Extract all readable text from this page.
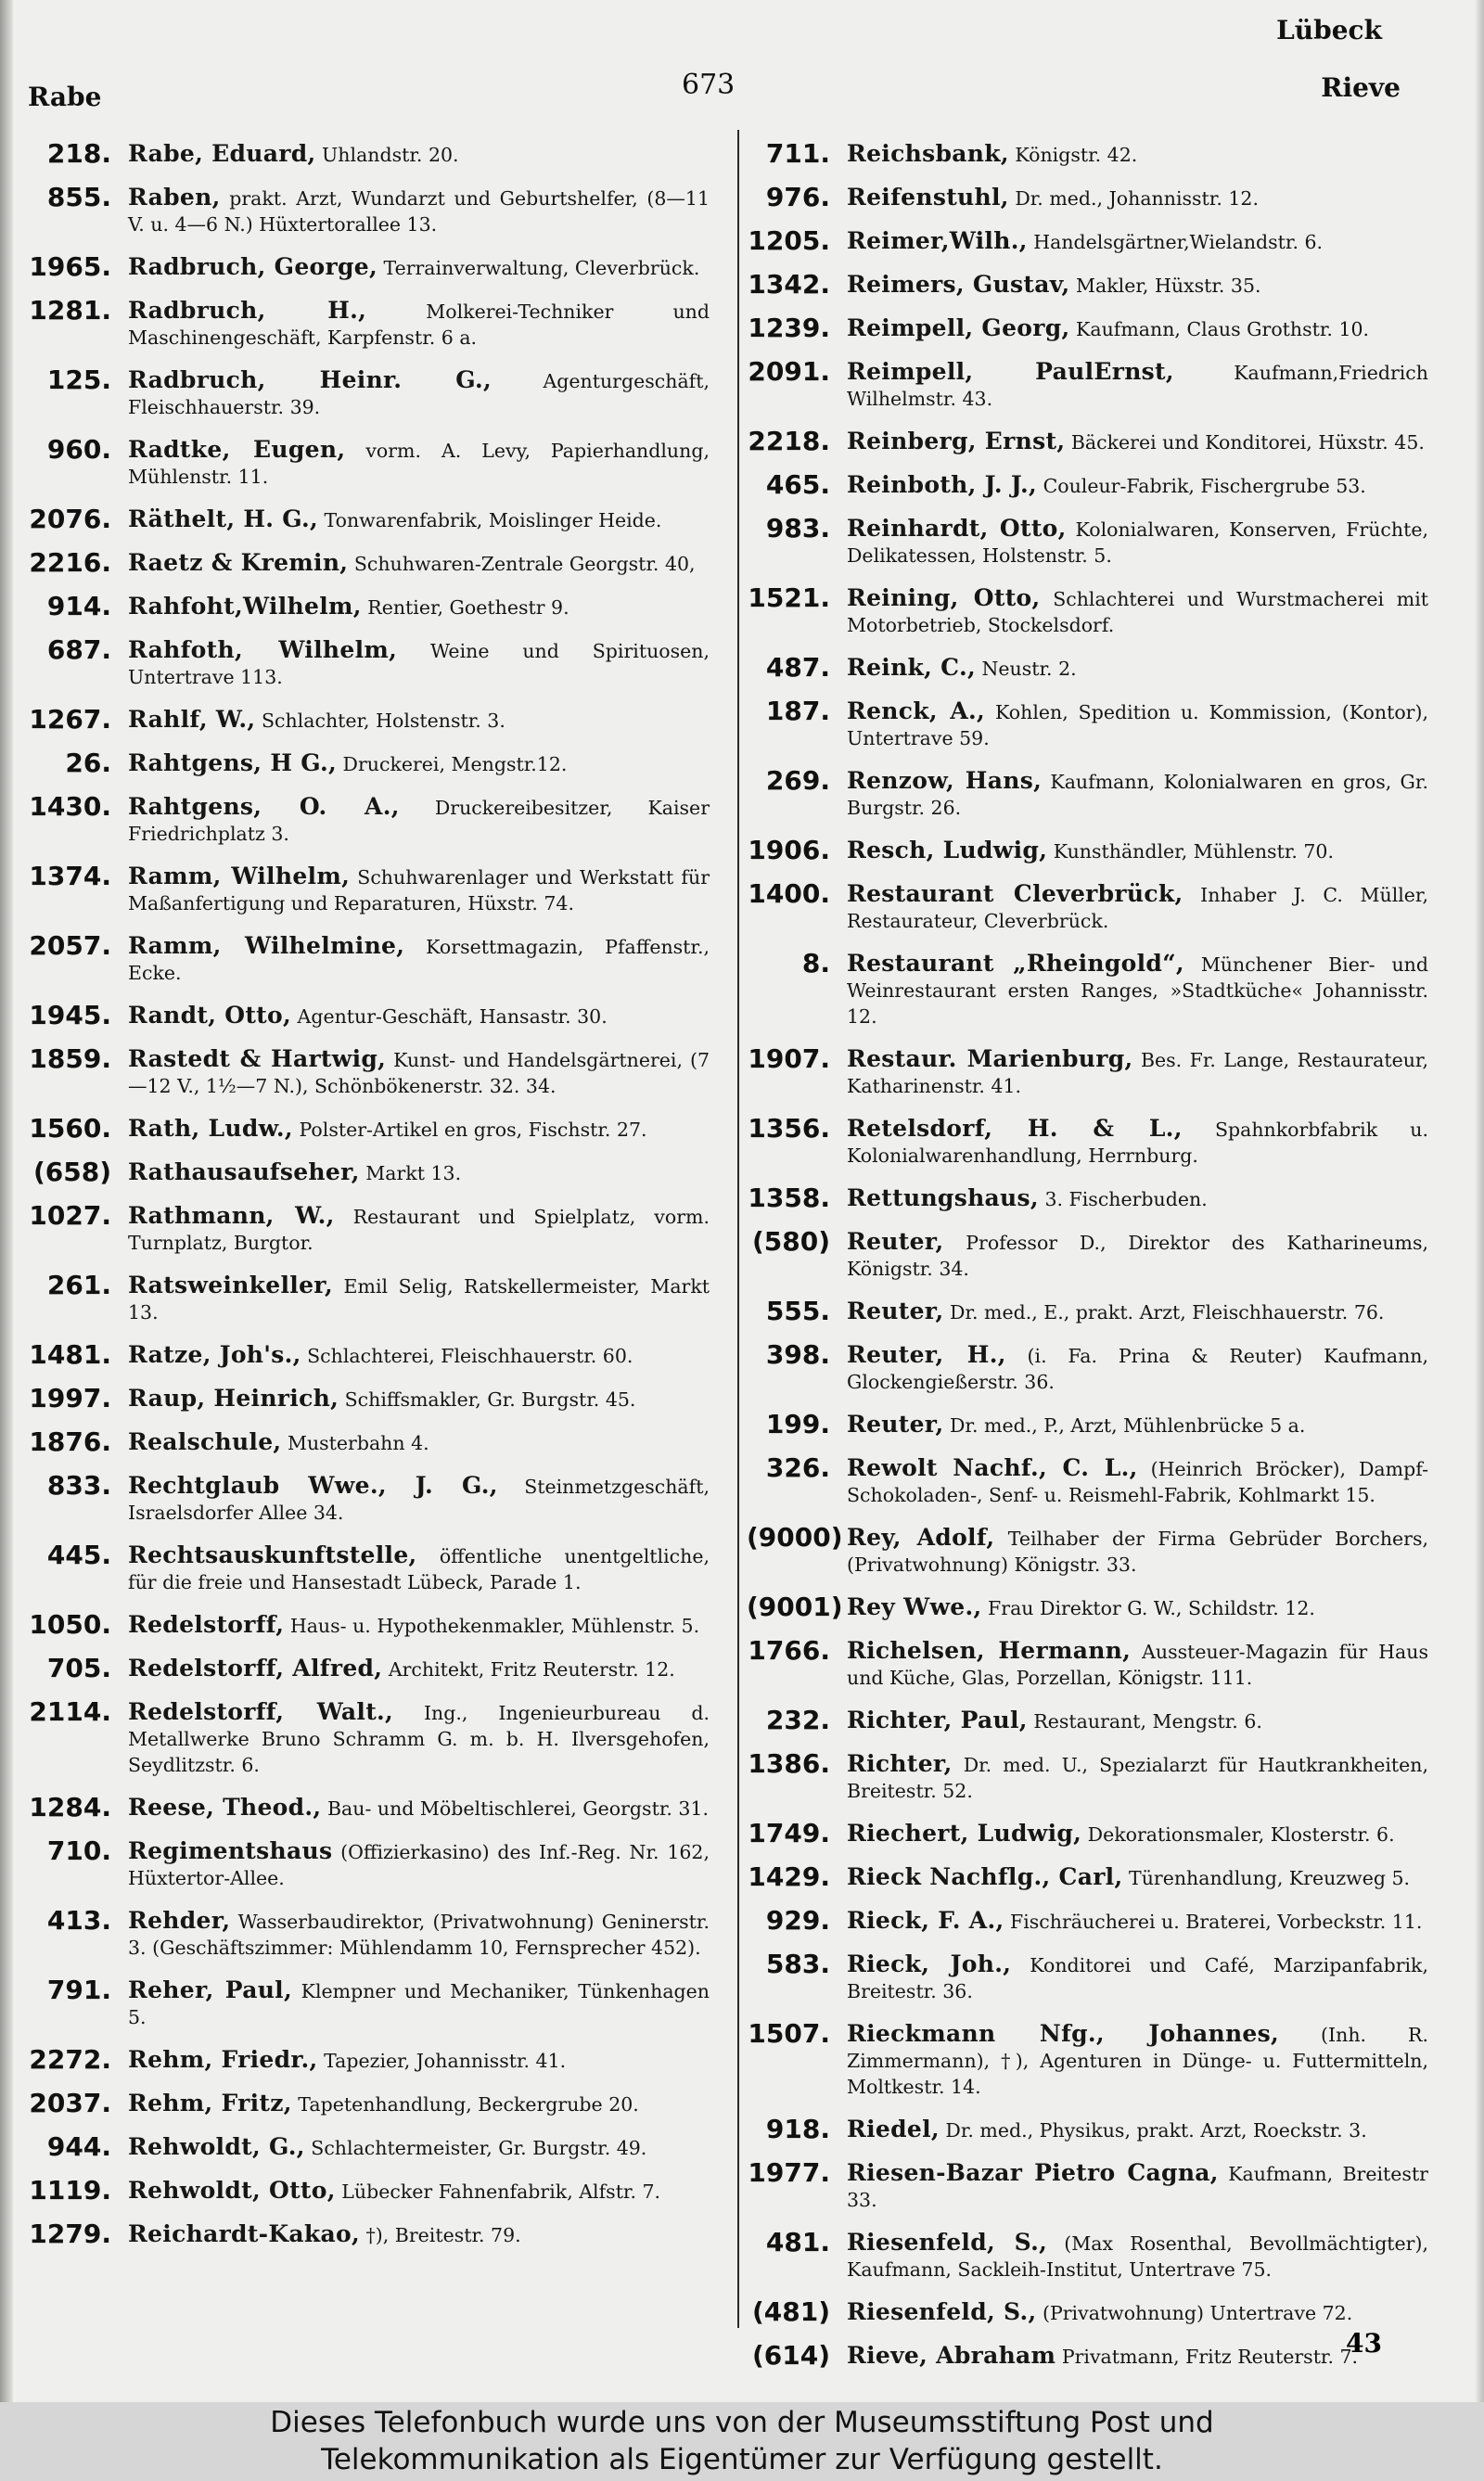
Rabe	673
Lübeck
Rieve
218. Rabe, Eduard, Uhlandstr. 20.
855. Raben, prakt. Arzt, Wundarzt und Geburtshelfer, (8—11 V. u. 4—6 N.) Hüxtertorallee 13.
1965. Radbruch, George, Terrainverwaltung, Cleverbrück.
1281. Radbruch, H., Molkerei-Techniker und Maschinengeschäft, Karpfenstr. 6 a.
125. Radbruch, Heinr. G., Agenturgeschäft, Fleischhauerstr. 39.
960. Radtke, Eugen, vorm. A. Levy, Papierhandlung, Mühlenstr. 11.
2076. Räthelt, H. G., Tonwarenfabrik, Moislinger Heide.
2216. Raetz & Kremin, Schuhwaren-Zentrale Georgstr. 40,
914. Rahfoht,Wilhelm, Rentier, Goethestr 9.
687. Rahfoth, Wilhelm, Weine und Spirituosen, Untertrave 113.
1267. Rahlf, W., Schlachter, Holstenstr. 3.
26. Rahtgens, H G., Druckerei, Mengstr.12.
1430. Rahtgens, O. A., Druckereibesitzer, Kaiser Friedrichplatz 3.
1374. Ramm, Wilhelm, Schuhwarenlager und Werkstatt für Maßanfertigung und Reparaturen, Hüxstr. 74.
2057. Ramm, Wilhelmine, Korsettmagazin, Pfaffenstr., Ecke.
1945. Randt, Otto, Agentur-Geschäft, Hansastr. 30.
1859. Rastedt & Hartwig, Kunst- und Handelsgärtnerei, (7—12 V., 1½—7 N.), Schönbökenerstr. 32. 34.
1560. Rath, Ludw., Polster-Artikel en gros, Fischstr. 27.
(658) Rathausaufseher, Markt 13.
1027. Rathmann, W., Restaurant und Spielplatz, vorm. Turnplatz, Burgtor.
261. Ratsweinkeller, Emil Selig, Ratskellermeister, Markt 13.
1481. Ratze, Joh's., Schlachterei, Fleischhauerstr. 60.
1997. Raup, Heinrich, Schiffsmakler, Gr. Burgstr. 45.
1876. Realschule, Musterbahn 4.
833. Rechtglaub Wwe., J. G., Steinmetzgeschäft, Israelsdorfer Allee 34.
445. Rechtsauskunftstelle, öffentliche unentgeltliche, für die freie und Hansestadt Lübeck, Parade 1.
1050. Redelstorff, Haus- u. Hypothekenmakler, Mühlenstr. 5.
705. Redelstorff, Alfred, Architekt, Fritz Reuterstr. 12.
2114. Redelstorff, Walt., Ing., Ingenieurbureau d. Metallwerke Bruno Schramm G. m. b. H. Ilversgehofen, Seydlitzstr. 6.
1284. Reese, Theod., Bau- und Möbeltischlerei, Georgstr. 31.
710. Regimentshaus (Offizierkasino) des Inf.-Reg. Nr. 162, Hüxtertor-Allee.
413. Rehder, Wasserbaudirektor, (Privatwohnung) Geninerstr. 3. (Geschäftszimmer: Mühlendamm 10, Fernsprecher 452).
791. Reher, Paul, Klempner und Mechaniker, Tünkenhagen 5.
2272. Rehm, Friedr., Tapezier, Johannisstr. 41.
2037. Rehm, Fritz, Tapetenhandlung, Beckergrube 20.
944. Rehwoldt, G., Schlachtermeister, Gr. Burgstr. 49.
1119. Rehwoldt, Otto, Lübecker Fahnenfabrik, Alfstr. 7.
1279. Reichardt-Kakao, †), Breitestr. 79.
711. Reichsbank, Königstr. 42.
976. Reifenstuhl, Dr. med., Johannisstr. 12.
1205. Reimer,Wilh., Handelsgärtner,Wielandstr. 6.
1342. Reimers, Gustav, Makler, Hüxstr. 35.
1239. Reimpell, Georg, Kaufmann, Claus Grothstr. 10.
2091. Reimpell, PaulErnst, Kaufmann,Friedrich Wilhelmstr. 43.
2218. Reinberg, Ernst, Bäckerei und Konditorei, Hüxstr. 45.
465. Reinboth, J. J., Couleur-Fabrik, Fischergrube 53.
983. Reinhardt, Otto, Kolonialwaren, Konserven, Früchte, Delikatessen, Holstenstr. 5.
1521. Reining, Otto, Schlachterei und Wurstmacherei mit Motorbetrieb, Stockelsdorf.
487. Reink, C., Neustr. 2.
187. Renck, A., Kohlen, Spedition u. Kommission, (Kontor), Untertrave 59.
269. Renzow, Hans, Kaufmann, Kolonialwaren en gros, Gr. Burgstr. 26.
1906. Resch, Ludwig, Kunsthändler, Mühlenstr. 70.
1400. Restaurant Cleverbrück, Inhaber J. C. Müller, Restaurateur, Cleverbrück.
8. Restaurant „Rheingold“, Münchener Bier- und Weinrestaurant ersten Ranges, »Stadtküche« Johannisstr. 12.
1907. Restaur. Marienburg, Bes. Fr. Lange, Restaurateur, Katharinenstr. 41.
1356. Retelsdorf, H. & L., Spahnkorbfabrik u. Kolonialwarenhandlung, Herrnburg.
1358. Rettungshaus, 3. Fischerbuden.
(580) Reuter, Professor D., Direktor des Katharineums, Königstr. 34.
555. Reuter, Dr. med., E., prakt. Arzt, Fleischhauerstr. 76.
398. Reuter, H., (i. Fa. Prina & Reuter) Kaufmann, Glockengießerstr. 36.
199. Reuter, Dr. med., P., Arzt, Mühlenbrücke 5 a.
326. Rewolt Nachf., C. L., (Heinrich Bröcker), Dampf-Schokoladen-, Senf- u. Reismehl-Fabrik, Kohlmarkt 15.
(9000) Rey, Adolf, Teilhaber der Firma Gebrüder Borchers, (Privatwohnung) Königstr. 33.
(9001) Rey Wwe., Frau Direktor G. W., Schildstr. 12.
1766. Richelsen, Hermann, Aussteuer-Magazin für Haus und Küche, Glas, Porzellan, Königstr. 111.
232. Richter, Paul, Restaurant, Mengstr. 6.
1386. Richter, Dr. med. U., Spezialarzt für Hautkrankheiten, Breitestr. 52.
1749. Riechert, Ludwig, Dekorationsmaler, Klosterstr. 6.
1429. Rieck Nachflg., Carl, Türenhandlung, Kreuzweg 5.
929. Rieck, F. A., Fischräucherei u. Braterei, Vorbeckstr. 11.
583. Rieck, Joh., Konditorei und Café, Marzipanfabrik, Breitestr. 36.
1507. Rieckmann Nfg., Johannes, (Inh. R. Zimmermann), †), Agenturen in Dünge- u. Futtermitteln, Moltkestr. 14.
918. Riedel, Dr. med., Physikus, prakt. Arzt, Roeckstr. 3.
1977. Riesen-Bazar Pietro Cagna, Kaufmann, Breitestr 33.
481. Riesenfeld, S., (Max Rosenthal, Bevollmächtigter), Kaufmann, Sackleih-Institut, Untertrave 75.
(481) Riesenfeld, S., (Privatwohnung) Untertrave 72.
(614) Rieve, Abraham Privatmann, Fritz Reuterstr. 7.
43
Dieses Telefonbuch wurde uns von der Museumsstiftung Post und
Telekommunikation als Eigentümer zur Verfügung gestellt.
